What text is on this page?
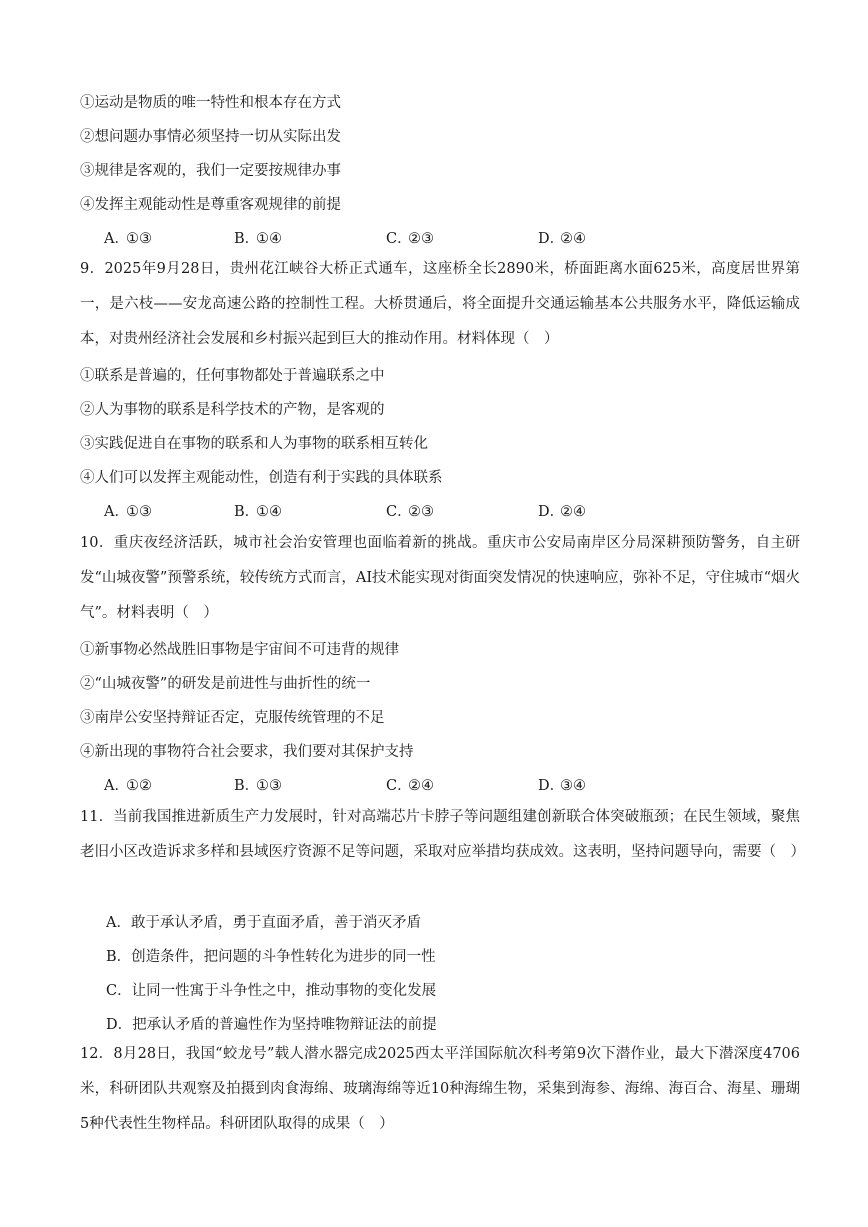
①运动是物质的唯一特性和根本存在方式
②想问题办事情必须坚持一切从实际出发
③规律是客观的，我们一定要按规律办事
④发挥主观能动性是尊重客观规律的前提
A．①③	B．①④	C．②③	D．②④
9．2025年9月28日，贵州花江峡谷大桥正式通车，这座桥全长2890米，桥面距离水面625米，高度居世界第一，是六枝——安龙高速公路的控制性工程。大桥贯通后，将全面提升交通运输基本公共服务水平，降低运输成本，对贵州经济社会发展和乡村振兴起到巨大的推动作用。材料体现（　）
①联系是普遍的，任何事物都处于普遍联系之中
②人为事物的联系是科学技术的产物，是客观的
③实践促进自在事物的联系和人为事物的联系相互转化
④人们可以发挥主观能动性，创造有利于实践的具体联系
A．①③	B．①④	C．②③	D．②④
10．重庆夜经济活跃，城市社会治安管理也面临着新的挑战。重庆市公安局南岸区分局深耕预防警务，自主研发“山城夜警”预警系统，较传统方式而言，AI技术能实现对街面突发情况的快速响应，弥补不足，守住城市“烟火气”。材料表明（　）
①新事物必然战胜旧事物是宇宙间不可违背的规律
②“山城夜警”的研发是前进性与曲折性的统一
③南岸公安坚持辩证否定，克服传统管理的不足
④新出现的事物符合社会要求，我们要对其保护支持
A．①②	B．①③	C．②④	D．③④
11．当前我国推进新质生产力发展时，针对高端芯片卡脖子等问题组建创新联合体突破瓶颈；在民生领域，聚焦老旧小区改造诉求多样和县域医疗资源不足等问题，采取对应举措均获成效。这表明，坚持问题导向，需要（　）
A．敢于承认矛盾，勇于直面矛盾，善于消灭矛盾
B．创造条件，把问题的斗争性转化为进步的同一性
C．让同一性寓于斗争性之中，推动事物的变化发展
D．把承认矛盾的普遍性作为坚持唯物辩证法的前提
12．8月28日，我国“蛟龙号”载人潜水器完成2025西太平洋国际航次科考第9次下潜作业，最大下潜深度4706米，科研团队共观察及拍摄到肉食海绵、玻璃海绵等近10种海绵生物，采集到海参、海绵、海百合、海星、珊瑚5种代表性生物样品。科研团队取得的成果（　）
